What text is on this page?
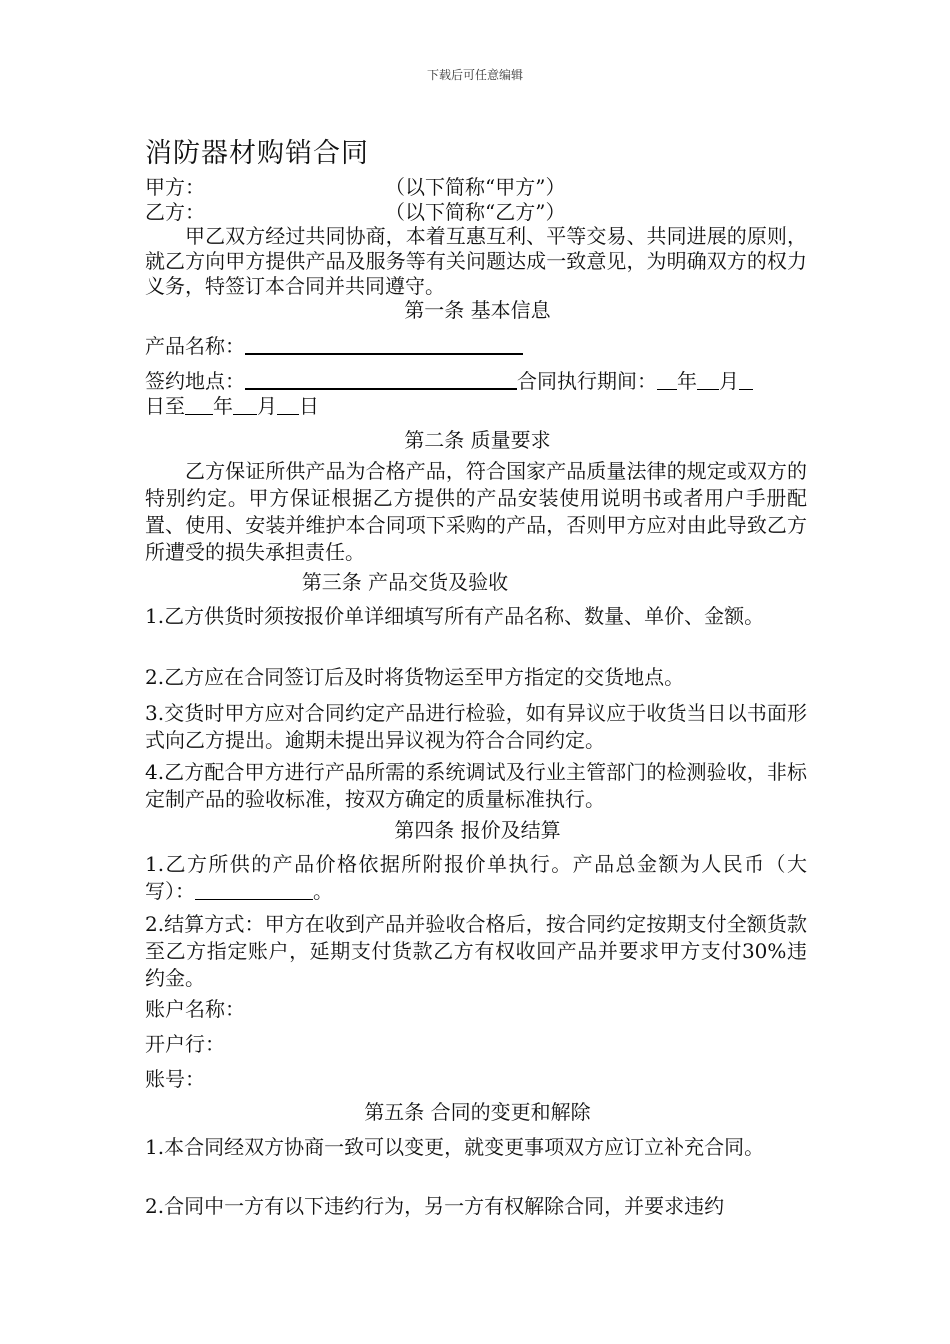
下载后可任意编辑
消防器材购销合同
甲方：	（以下简称“甲方”）
乙方：	（以下简称“乙方”）
甲乙双方经过共同协商，本着互惠互利、平等交易、共同进展的原则，就乙方向甲方提供产品及服务等有关问题达成一致意见，为明确双方的权力义务，特签订本合同并共同遵守。
第一条 基本信息
产品名称：
签约地点：	合同执行期间： 年 月
日至 年 月 日
第二条 质量要求
乙方保证所供产品为合格产品，符合国家产品质量法律的规定或双方的特别约定。甲方保证根据乙方提供的产品安装使用说明书或者用户手册配置、使用、安装并维护本合同项下采购的产品，否则甲方应对由此导致乙方所遭受的损失承担责任。
第三条 产品交货及验收
1.乙方供货时须按报价单详细填写所有产品名称、数量、单价、金额。
2.乙方应在合同签订后及时将货物运至甲方指定的交货地点。
3.交货时甲方应对合同约定产品进行检验，如有异议应于收货当日以书面形式向乙方提出。逾期未提出异议视为符合合同约定。
4.乙方配合甲方进行产品所需的系统调试及行业主管部门的检测验收，非标定制产品的验收标准，按双方确定的质量标准执行。
第四条 报价及结算
1.乙方所供的产品价格依据所附报价单执行。产品总金额为人民币（大写）：	。
2.结算方式：甲方在收到产品并验收合格后，按合同约定按期支付全额货款至乙方指定账户，延期支付货款乙方有权收回产品并要求甲方支付30%违约金。
账户名称：
开户行：
账号：
第五条 合同的变更和解除
1.本合同经双方协商一致可以变更，就变更事项双方应订立补充合同。
2.合同中一方有以下违约行为，另一方有权解除合同，并要求违约
